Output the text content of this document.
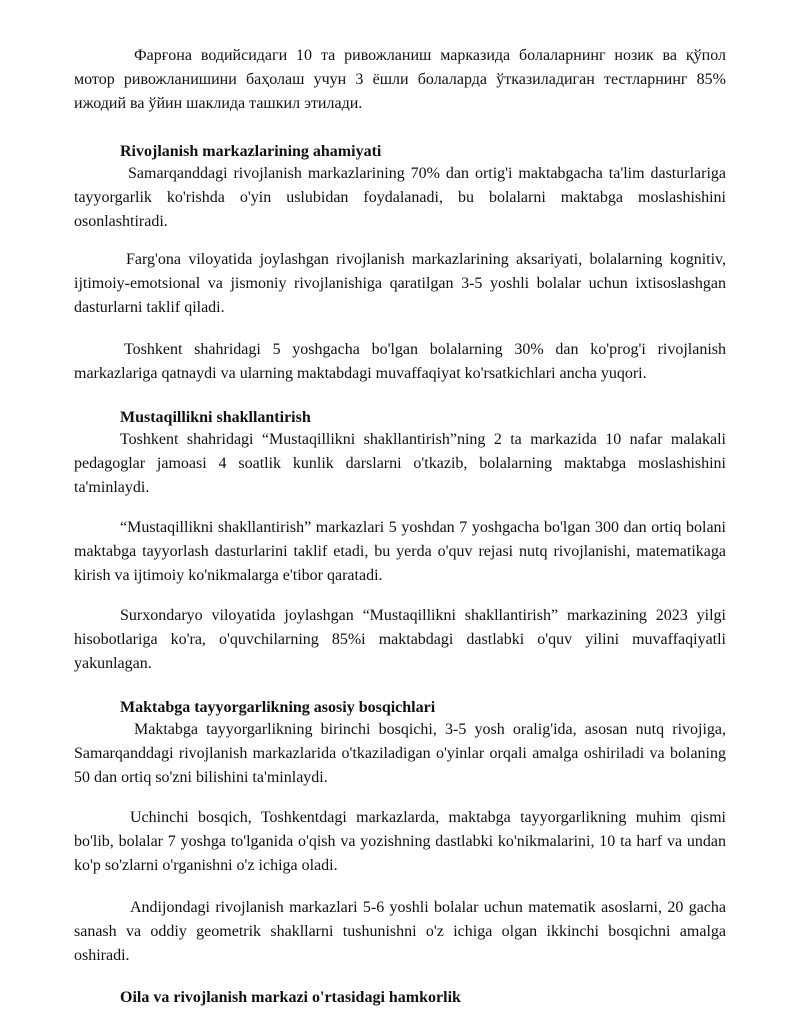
Фарғона водийсидаги 10 та ривожланиш марказида болаларнинг нозик ва қўпол мотор ривожланишини баҳолаш учун 3 ёшли болаларда ўтказиладиган тестларнинг 85% ижодий ва ўйин шаклида ташкил этилади.

Rivojlanish markazlarining ahamiyati

Samarqanddagi rivojlanish markazlarining 70% dan ortig'i maktabgacha ta'lim dasturlariga tayyorgarlik ko'rishda o'yin uslubidan foydalanadi, bu bolalarni maktabga moslashishini osonlashtiradi.

Farg'ona viloyatida joylashgan rivojlanish markazlarining aksariyati, bolalarning kognitiv, ijtimoiy-emotsional va jismoniy rivojlanishiga qaratilgan 3-5 yoshli bolalar uchun ixtisoslashgan dasturlarni taklif qiladi.

Toshkent shahridagi 5 yoshgacha bo'lgan bolalarning 30% dan ko'prog'i rivojlanish markazlariga qatnaydi va ularning maktabdagi muvaffaqiyat ko'rsatkichlari ancha yuqori.

Mustaqillikni shakllantirish

Toshkent shahridagi “Mustaqillikni shakllantirish”ning 2 ta markazida 10 nafar malakali pedagoglar jamoasi 4 soatlik kunlik darslarni o'tkazib, bolalarning maktabga moslashishini ta'minlaydi.

“Mustaqillikni shakllantirish” markazlari 5 yoshdan 7 yoshgacha bo'lgan 300 dan ortiq bolani maktabga tayyorlash dasturlarini taklif etadi, bu yerda o'quv rejasi nutq rivojlanishi, matematikaga kirish va ijtimoiy ko'nikmalarga e'tibor qaratadi.

Surxondaryo viloyatida joylashgan “Mustaqillikni shakllantirish” markazining 2023 yilgi hisobotlariga ko'ra, o'quvchilarning 85%i maktabdagi dastlabki o'quv yilini muvaffaqiyatli yakunlagan.

Maktabga tayyorgarlikning asosiy bosqichlari

Maktabga tayyorgarlikning birinchi bosqichi, 3-5 yosh oralig'ida, asosan nutq rivojiga, Samarqanddagi rivojlanish markazlarida o'tkaziladigan o'yinlar orqali amalga oshiriladi va bolaning 50 dan ortiq so'zni bilishini ta'minlaydi.

Uchinchi bosqich, Toshkentdagi markazlarda, maktabga tayyorgarlikning muhim qismi bo'lib, bolalar 7 yoshga to'lganida o'qish va yozishning dastlabki ko'nikmalarini, 10 ta harf va undan ko'p so'zlarni o'rganishni o'z ichiga oladi.

Andijondagi rivojlanish markazlari 5-6 yoshli bolalar uchun matematik asoslarni, 20 gacha sanash va oddiy geometrik shakllarni tushunishni o'z ichiga olgan ikkinchi bosqichni amalga oshiradi.

Oila va rivojlanish markazi o'rtasidagi hamkorlik
